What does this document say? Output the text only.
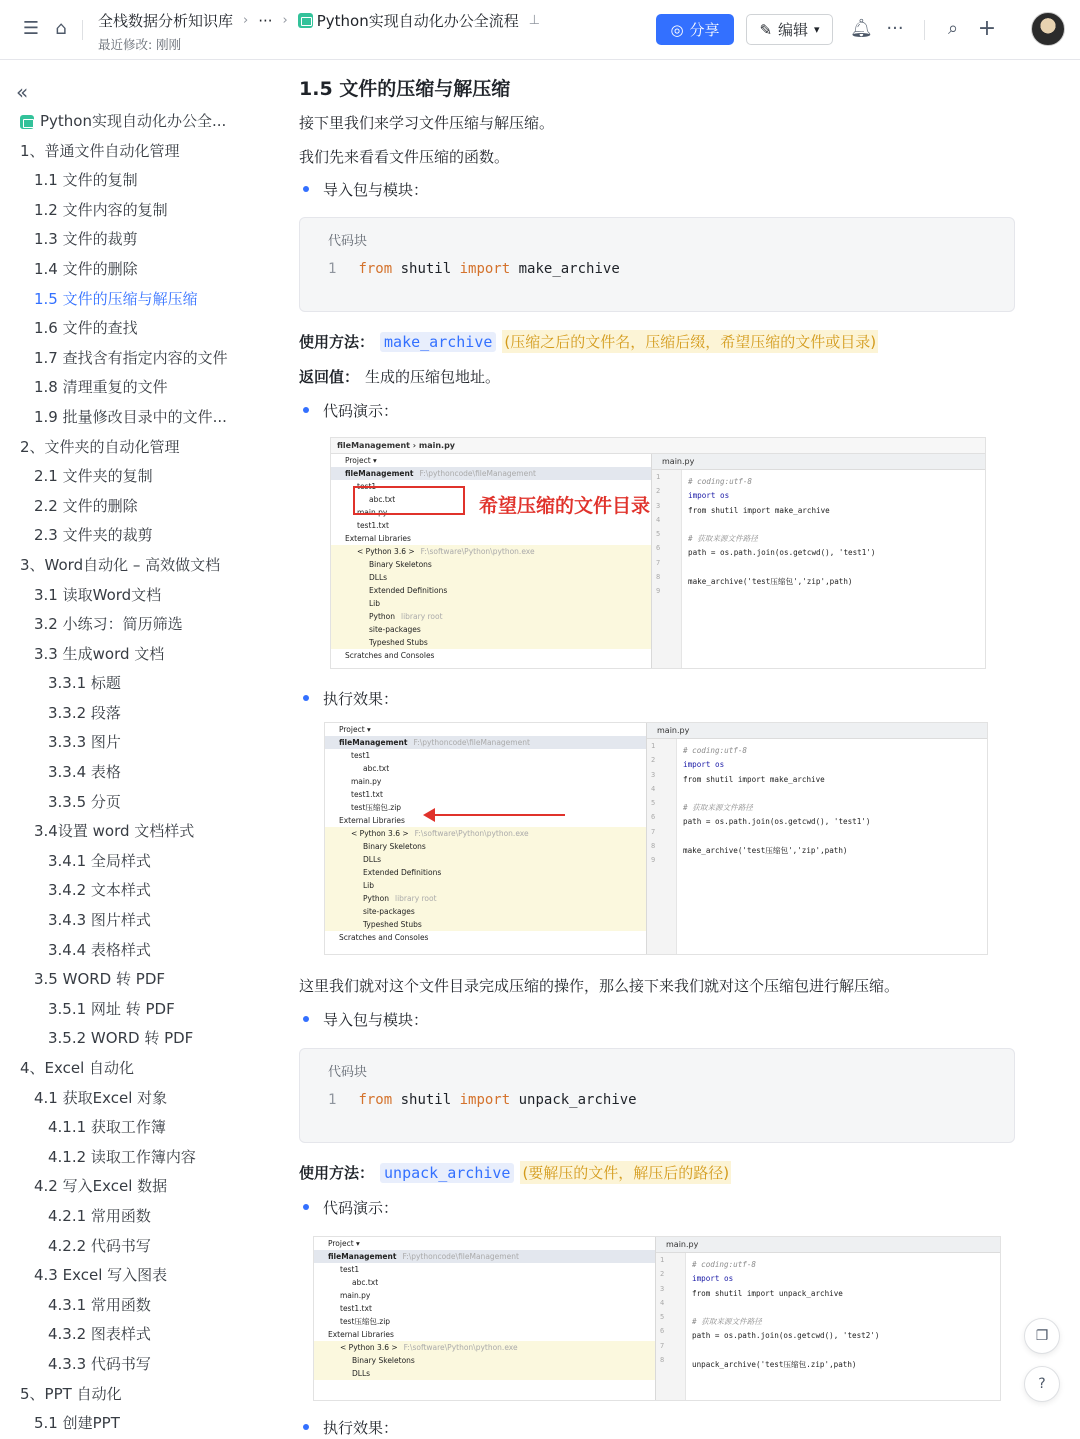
☰ ⌂	全栈数据分析知识库 › ··· › Python实现自动化办公全流程 ⊥
最近修改: 刚刚
◎ 分享	✎ 编辑 ▾ 🔔︎ ···	⌕ +
«
Python实现自动化办公全...
1、普通文件自动化管理
1.1 文件的复制
1.2 文件内容的复制
1.3 文件的裁剪
1.4 文件的删除
1.5 文件的压缩与解压缩
1.6 文件的查找
1.7 查找含有指定内容的文件
1.8 清理重复的文件
1.9 批量修改目录中的文件...
2、文件夹的自动化管理
2.1 文件夹的复制
2.2 文件的删除
2.3 文件夹的裁剪
3、Word自动化 – 高效做文档
3.1 读取Word文档
3.2 小练习：简历筛选
3.3 生成word 文档
3.3.1 标题
3.3.2 段落
3.3.3 图片
3.3.4 表格
3.3.5 分页
3.4设置 word 文档样式
3.4.1 全局样式
3.4.2 文本样式
3.4.3 图片样式
3.4.4 表格样式
3.5 WORD 转 PDF
3.5.1 网址 转 PDF
3.5.2 WORD 转 PDF
4、Excel 自动化
4.1 获取Excel 对象
4.1.1 获取工作簿
4.1.2 读取工作簿内容
4.2 写入Excel 数据
4.2.1 常用函数
4.2.2 代码书写
4.3 Excel 写入图表
4.3.1 常用函数
4.3.2 图表样式
4.3.3 代码书写
5、PPT 自动化
5.1 创建PPT
1.5 文件的压缩与解压缩
接下里我们来学习文件压缩与解压缩。
我们先来看看文件压缩的函数。
导入包与模块：
代码块
1 from shutil import make_archive
使用方法： make_archive (压缩之后的文件名，压缩后缀，希望压缩的文件或目录)
返回值： 生成的压缩包地址。
代码演示：
执行效果：
这里我们就对这个文件目录完成压缩的操作，那么接下来我们就对这个压缩包进行解压缩。
导入包与模块：
代码块
1 from shutil import unpack_archive
使用方法： unpack_archive (要解压的文件，解压后的路径)
代码演示：
执行效果：
fileManagement › main.py
Project ▾
fileManagement F:\pythoncode\fileManagement
test1
abc.txt
main.py
test1.txt
External Libraries
< Python 3.6 > F:\software\Python\python.exe
Binary Skeletons
DLLs
Extended Definitions
Lib
Python library root
site-packages
Typeshed Stubs
Scratches and Consoles
main.py
1
2
3
4
5
6
7
8
9
# coding:utf-8
import os
from shutil import make_archive
# 获取来源文件路径
path = os.path.join(os.getcwd(), 'test1')
make_archive('test压缩包','zip',path)
希望压缩的文件目录
Project ▾
fileManagement F:\pythoncode\fileManagement
test1
abc.txt
main.py
test1.txt
test压缩包.zip
External Libraries
< Python 3.6 > F:\software\Python\python.exe
Binary Skeletons
DLLs
Extended Definitions
Lib
Python library root
site-packages
Typeshed Stubs
Scratches and Consoles
main.py
1
2
3
4
5
6
7
8
9
# coding:utf-8
import os
from shutil import make_archive
# 获取来源文件路径
path = os.path.join(os.getcwd(), 'test1')
make_archive('test压缩包','zip',path)
Project ▾
fileManagement F:\pythoncode\fileManagement
test1
abc.txt
main.py
test1.txt
test压缩包.zip
External Libraries
< Python 3.6 > F:\software\Python\python.exe
Binary Skeletons
DLLs
main.py
1
2
3
4
5
6
7
8
# coding:utf-8
import os
from shutil import unpack_archive
# 获取来源文件路径
path = os.path.join(os.getcwd(), 'test2')
unpack_archive('test压缩包.zip',path)
❐
?
